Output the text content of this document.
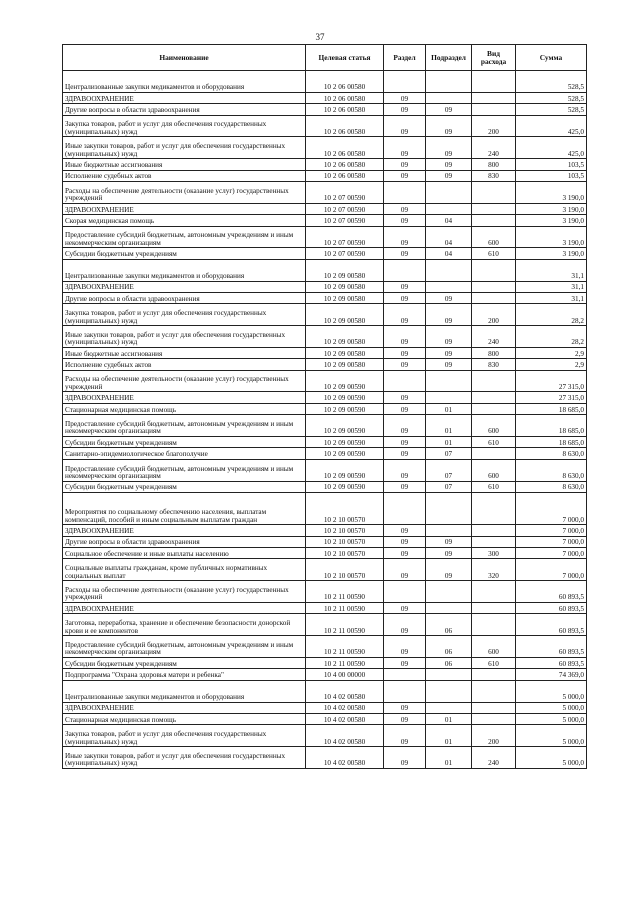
37
Наименование	Целевая статья	Раздел	Подраздел	Вид расхода	Сумма
Централизованные закупки медикаментов и оборудования	10 2 06 00580				528,5
ЗДРАВООХРАНЕНИЕ	10 2 06 00580	09			528,5
Другие вопросы в области здравоохранения	10 2 06 00580	09	09		528,5
Закупка товаров, работ и услуг для обеспечения государственных (муниципальных) нужд	10 2 06 00580	09	09	200	425,0
Иные закупки товаров, работ и услуг для обеспечения государственных (муниципальных) нужд	10 2 06 00580	09	09	240	425,0
Иные бюджетные ассигнования	10 2 06 00580	09	09	800	103,5
Исполнение судебных актов	10 2 06 00580	09	09	830	103,5
Расходы на обеспечение деятельности (оказание услуг) государственных учреждений	10 2 07 00590				3 190,0
ЗДРАВООХРАНЕНИЕ	10 2 07 00590	09			3 190,0
Скорая медицинская помощь	10 2 07 00590	09	04		3 190,0
Предоставление субсидий бюджетным, автономным учреждениям и иным некоммерческим организациям	10 2 07 00590	09	04	600	3 190,0
Субсидии бюджетным учреждениям	10 2 07 00590	09	04	610	3 190,0
Централизованные закупки медикаментов и оборудования	10 2 09 00580				31,1
ЗДРАВООХРАНЕНИЕ	10 2 09 00580	09			31,1
Другие вопросы в области здравоохранения	10 2 09 00580	09	09		31,1
Закупка товаров, работ и услуг для обеспечения государственных (муниципальных) нужд	10 2 09 00580	09	09	200	28,2
Иные закупки товаров, работ и услуг для обеспечения государственных (муниципальных) нужд	10 2 09 00580	09	09	240	28,2
Иные бюджетные ассигнования	10 2 09 00580	09	09	800	2,9
Исполнение судебных актов	10 2 09 00580	09	09	830	2,9
Расходы на обеспечение деятельности (оказание услуг) государственных учреждений	10 2 09 00590				27 315,0
ЗДРАВООХРАНЕНИЕ	10 2 09 00590	09			27 315,0
Стационарная медицинская помощь	10 2 09 00590	09	01		18 685,0
Предоставление субсидий бюджетным, автономным учреждениям и иным некоммерческим организациям	10 2 09 00590	09	01	600	18 685,0
Субсидии бюджетным учреждениям	10 2 09 00590	09	01	610	18 685,0
Санитарно-эпидемиологическое благополучие	10 2 09 00590	09	07		8 630,0
Предоставление субсидий бюджетным, автономным учреждениям и иным некоммерческим организациям	10 2 09 00590	09	07	600	8 630,0
Субсидии бюджетным учреждениям	10 2 09 00590	09	07	610	8 630,0
Мероприятия по социальному обеспечению населения, выплатам компенсаций, пособий и иным социальным выплатам граждан	10 2 10 00570				7 000,0
ЗДРАВООХРАНЕНИЕ	10 2 10 00570	09			7 000,0
Другие вопросы в области здравоохранения	10 2 10 00570	09	09		7 000,0
Социальное обеспечение и иные выплаты населению	10 2 10 00570	09	09	300	7 000,0
Социальные выплаты гражданам, кроме публичных нормативных социальных выплат	10 2 10 00570	09	09	320	7 000,0
Расходы на обеспечение деятельности (оказание услуг) государственных учреждений	10 2 11 00590				60 893,5
ЗДРАВООХРАНЕНИЕ	10 2 11 00590	09			60 893,5
Заготовка, переработка, хранение и обеспечение безопасности донорской крови и ее компонентов	10 2 11 00590	09	06		60 893,5
Предоставление субсидий бюджетным, автономным учреждениям и иным некоммерческим организациям	10 2 11 00590	09	06	600	60 893,5
Субсидии бюджетным учреждениям	10 2 11 00590	09	06	610	60 893,5
Подпрограмма "Охрана здоровья матери и ребенка"	10 4 00 00000				74 369,0
Централизованные закупки медикаментов и оборудования	10 4 02 00580				5 000,0
ЗДРАВООХРАНЕНИЕ	10 4 02 00580	09			5 000,0
Стационарная медицинская помощь	10 4 02 00580	09	01		5 000,0
Закупка товаров, работ и услуг для обеспечения государственных (муниципальных) нужд	10 4 02 00580	09	01	200	5 000,0
Иные закупки товаров, работ и услуг для обеспечения государственных (муниципальных) нужд	10 4 02 00580	09	01	240	5 000,0
